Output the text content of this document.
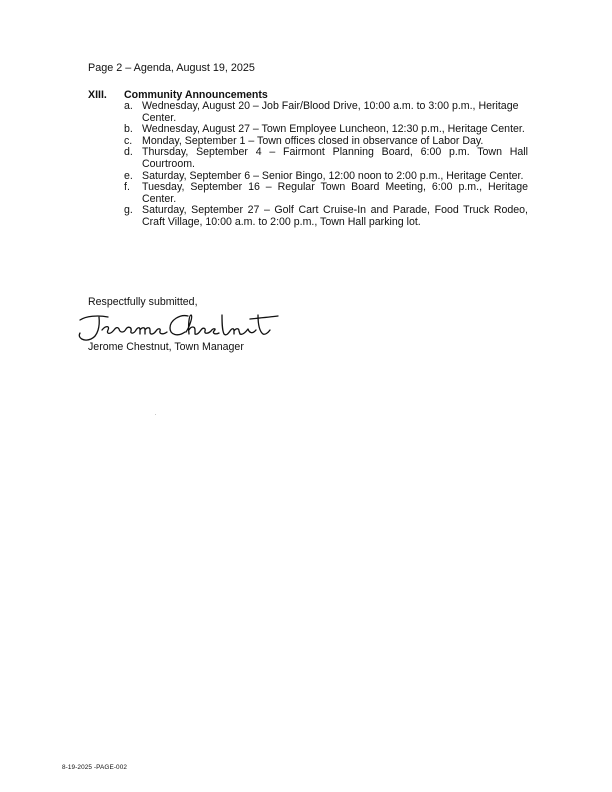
Page 2 – Agenda, August 19, 2025
XIII. Community Announcements
a. Wednesday, August 20 – Job Fair/Blood Drive, 10:00 a.m. to 3:00 p.m., Heritage
Center.
b. Wednesday, August 27 – Town Employee Luncheon, 12:30 p.m., Heritage Center.
c. Monday, September 1 – Town offices closed in observance of Labor Day.
d. Thursday, September 4 – Fairmont Planning Board, 6:00 p.m. Town Hall Courtroom.
e. Saturday, September 6 – Senior Bingo, 12:00 noon to 2:00 p.m., Heritage Center.
f. Tuesday, September 16 – Regular Town Board Meeting, 6:00 p.m., Heritage Center.
g. Saturday, September 27 – Golf Cart Cruise-In and Parade, Food Truck Rodeo, Craft Village, 10:00 a.m. to 2:00 p.m., Town Hall parking lot.
Respectfully submitted,
Jerome Chestnut, Town Manager
8-19-2025 -PAGE-002
